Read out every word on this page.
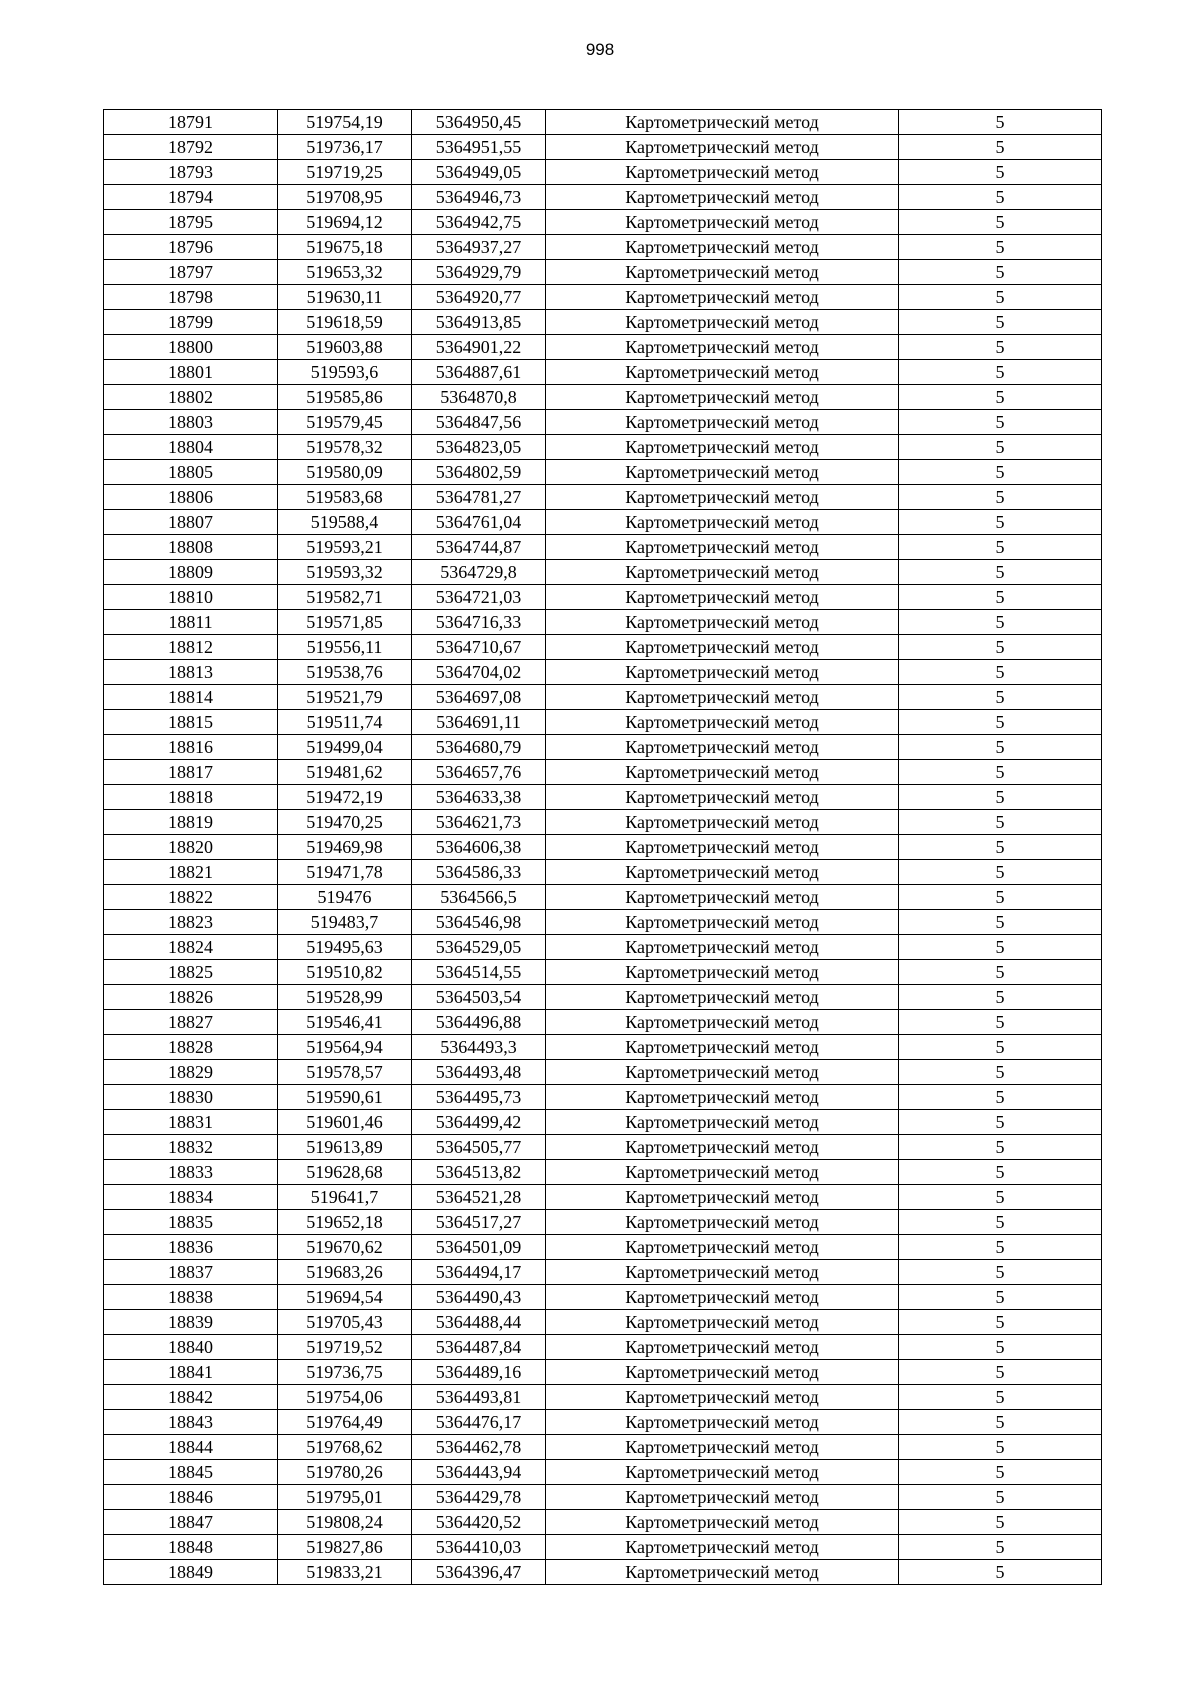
998
18791	519754,19	5364950,45	Картометрический метод	5
18792	519736,17	5364951,55	Картометрический метод	5
18793	519719,25	5364949,05	Картометрический метод	5
18794	519708,95	5364946,73	Картометрический метод	5
18795	519694,12	5364942,75	Картометрический метод	5
18796	519675,18	5364937,27	Картометрический метод	5
18797	519653,32	5364929,79	Картометрический метод	5
18798	519630,11	5364920,77	Картометрический метод	5
18799	519618,59	5364913,85	Картометрический метод	5
18800	519603,88	5364901,22	Картометрический метод	5
18801	519593,6	5364887,61	Картометрический метод	5
18802	519585,86	5364870,8	Картометрический метод	5
18803	519579,45	5364847,56	Картометрический метод	5
18804	519578,32	5364823,05	Картометрический метод	5
18805	519580,09	5364802,59	Картометрический метод	5
18806	519583,68	5364781,27	Картометрический метод	5
18807	519588,4	5364761,04	Картометрический метод	5
18808	519593,21	5364744,87	Картометрический метод	5
18809	519593,32	5364729,8	Картометрический метод	5
18810	519582,71	5364721,03	Картометрический метод	5
18811	519571,85	5364716,33	Картометрический метод	5
18812	519556,11	5364710,67	Картометрический метод	5
18813	519538,76	5364704,02	Картометрический метод	5
18814	519521,79	5364697,08	Картометрический метод	5
18815	519511,74	5364691,11	Картометрический метод	5
18816	519499,04	5364680,79	Картометрический метод	5
18817	519481,62	5364657,76	Картометрический метод	5
18818	519472,19	5364633,38	Картометрический метод	5
18819	519470,25	5364621,73	Картометрический метод	5
18820	519469,98	5364606,38	Картометрический метод	5
18821	519471,78	5364586,33	Картометрический метод	5
18822	519476	5364566,5	Картометрический метод	5
18823	519483,7	5364546,98	Картометрический метод	5
18824	519495,63	5364529,05	Картометрический метод	5
18825	519510,82	5364514,55	Картометрический метод	5
18826	519528,99	5364503,54	Картометрический метод	5
18827	519546,41	5364496,88	Картометрический метод	5
18828	519564,94	5364493,3	Картометрический метод	5
18829	519578,57	5364493,48	Картометрический метод	5
18830	519590,61	5364495,73	Картометрический метод	5
18831	519601,46	5364499,42	Картометрический метод	5
18832	519613,89	5364505,77	Картометрический метод	5
18833	519628,68	5364513,82	Картометрический метод	5
18834	519641,7	5364521,28	Картометрический метод	5
18835	519652,18	5364517,27	Картометрический метод	5
18836	519670,62	5364501,09	Картометрический метод	5
18837	519683,26	5364494,17	Картометрический метод	5
18838	519694,54	5364490,43	Картометрический метод	5
18839	519705,43	5364488,44	Картометрический метод	5
18840	519719,52	5364487,84	Картометрический метод	5
18841	519736,75	5364489,16	Картометрический метод	5
18842	519754,06	5364493,81	Картометрический метод	5
18843	519764,49	5364476,17	Картометрический метод	5
18844	519768,62	5364462,78	Картометрический метод	5
18845	519780,26	5364443,94	Картометрический метод	5
18846	519795,01	5364429,78	Картометрический метод	5
18847	519808,24	5364420,52	Картометрический метод	5
18848	519827,86	5364410,03	Картометрический метод	5
18849	519833,21	5364396,47	Картометрический метод	5
